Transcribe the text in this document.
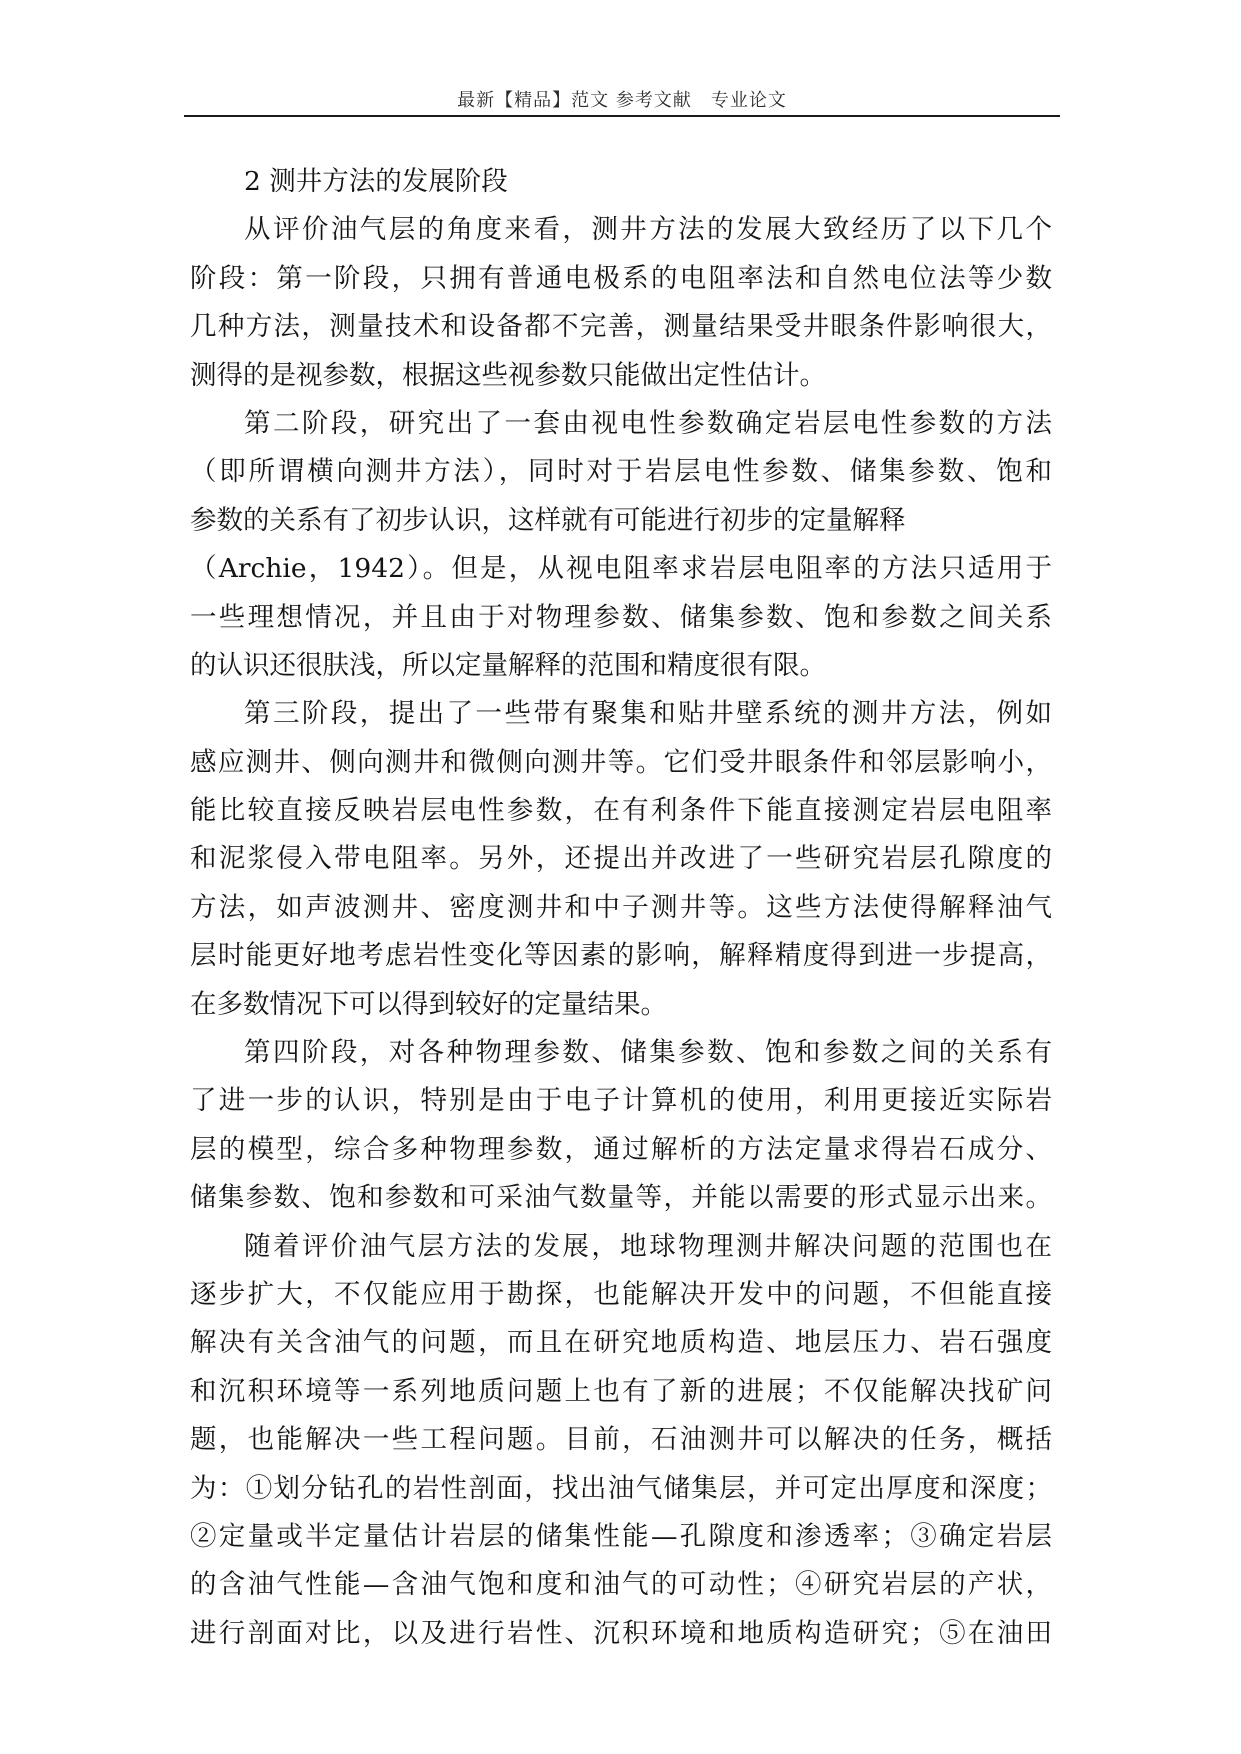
最新【精品】范文 参考文献　专业论文
2 测井方法的发展阶段
从评价油气层的角度来看，测井方法的发展大致经历了以下几个
阶段：第一阶段，只拥有普通电极系的电阻率法和自然电位法等少数
几种方法，测量技术和设备都不完善，测量结果受井眼条件影响很大，
测得的是视参数，根据这些视参数只能做出定性估计。
第二阶段，研究出了一套由视电性参数确定岩层电性参数的方法
（即所谓横向测井方法），同时对于岩层电性参数、储集参数、饱和
参数的关系有了初步认识，这样就有可能进行初步的定量解释
（Archie，1942）。但是，从视电阻率求岩层电阻率的方法只适用于
一些理想情况，并且由于对物理参数、储集参数、饱和参数之间关系
的认识还很肤浅，所以定量解释的范围和精度很有限。
第三阶段，提出了一些带有聚集和贴井壁系统的测井方法，例如
感应测井、侧向测井和微侧向测井等。它们受井眼条件和邻层影响小，
能比较直接反映岩层电性参数，在有利条件下能直接测定岩层电阻率
和泥浆侵入带电阻率。另外，还提出并改进了一些研究岩层孔隙度的
方法，如声波测井、密度测井和中子测井等。这些方法使得解释油气
层时能更好地考虑岩性变化等因素的影响，解释精度得到进一步提高，
在多数情况下可以得到较好的定量结果。
第四阶段，对各种物理参数、储集参数、饱和参数之间的关系有
了进一步的认识，特别是由于电子计算机的使用，利用更接近实际岩
层的模型，综合多种物理参数，通过解析的方法定量求得岩石成分、
储集参数、饱和参数和可采油气数量等，并能以需要的形式显示出来。
随着评价油气层方法的发展，地球物理测井解决问题的范围也在
逐步扩大，不仅能应用于勘探，也能解决开发中的问题，不但能直接
解决有关含油气的问题，而且在研究地质构造、地层压力、岩石强度
和沉积环境等一系列地质问题上也有了新的进展；不仅能解决找矿问
题，也能解决一些工程问题。目前，石油测井可以解决的任务，概括
为：①划分钻孔的岩性剖面，找出油气储集层，并可定出厚度和深度；
②定量或半定量估计岩层的储集性能—孔隙度和渗透率；③确定岩层
的含油气性能—含油气饱和度和油气的可动性；④研究岩层的产状，
进行剖面对比，以及进行岩性、沉积环境和地质构造研究；⑤在油田
